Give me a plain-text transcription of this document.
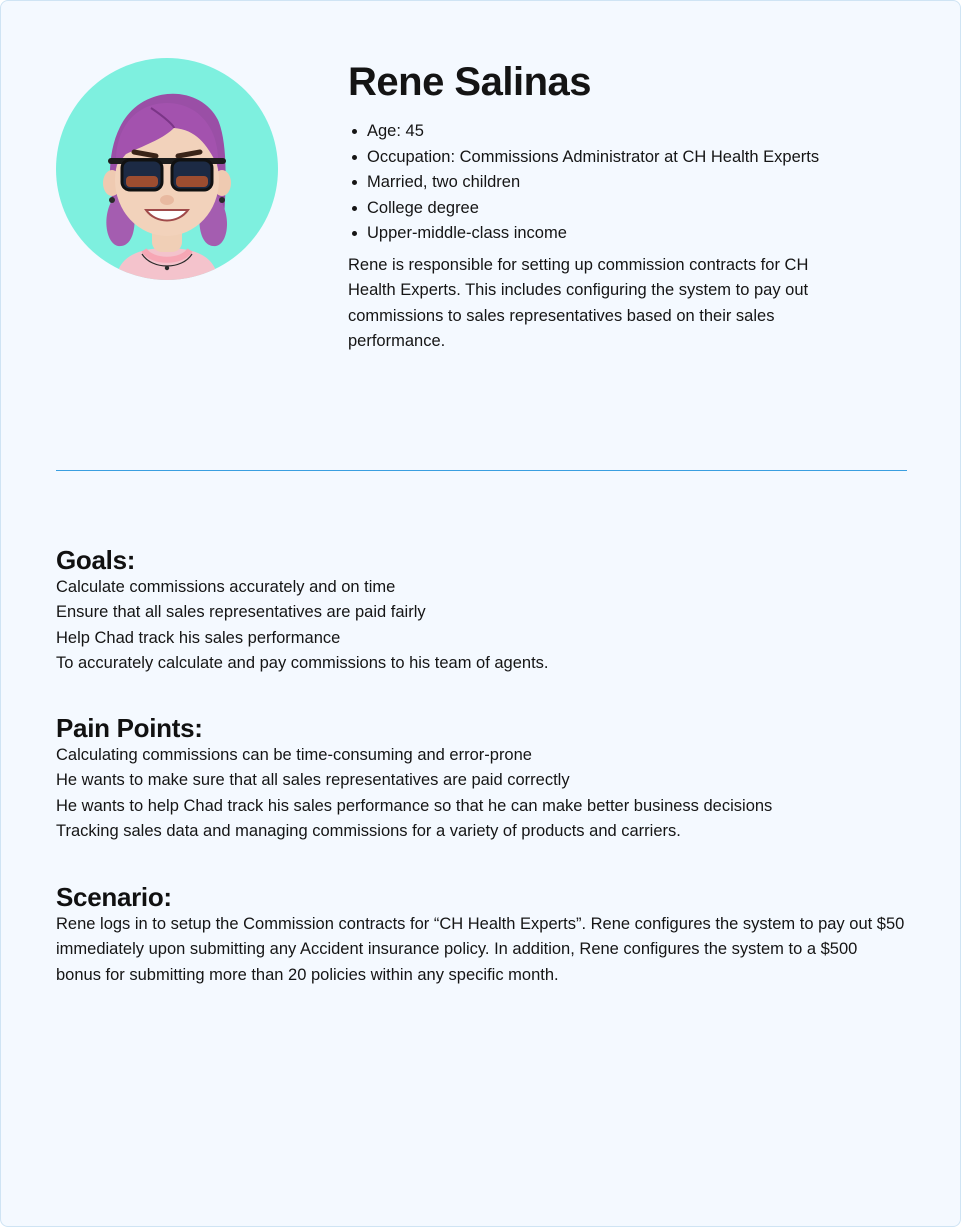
Rene Salinas
Age: 45
Occupation: Commissions Administrator at CH Health Experts
Married, two children
College degree
Upper-middle-class income

Rene is responsible for setting up commission contracts for CH Health Experts. This includes configuring the system to pay out commissions to sales representatives based on their sales performance.

Goals:
Calculate commissions accurately and on time
Ensure that all sales representatives are paid fairly
Help Chad track his sales performance
To accurately calculate and pay commissions to his team of agents.
Pain Points:
Calculating commissions can be time-consuming and error-prone
He wants to make sure that all sales representatives are paid correctly
He wants to help Chad track his sales performance so that he can make better business decisions
Tracking sales data and managing commissions for a variety of products and carriers.
Scenario:
Rene logs in to setup the Commission contracts for “CH Health Experts”. Rene configures the system to pay out $50 immediately upon submitting any Accident insurance policy. In addition, Rene configures the system to a $500 bonus for submitting more than 20 policies within any specific month.
